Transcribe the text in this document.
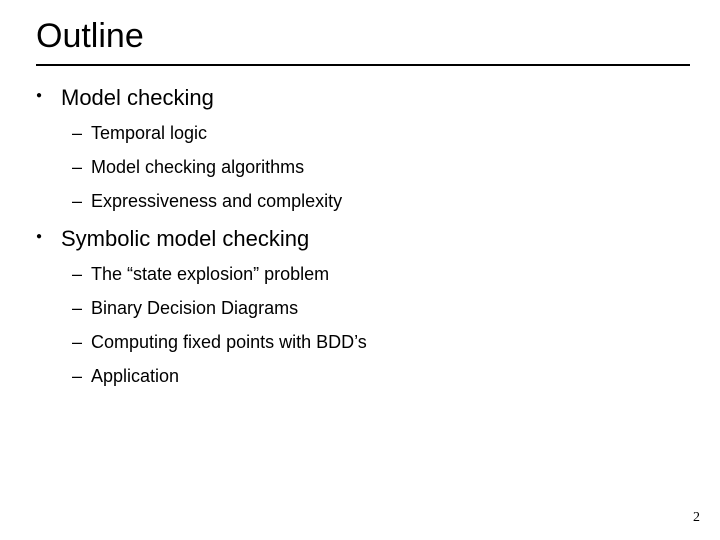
Outline
● Model checking
– Temporal logic
– Model checking algorithms
– Expressiveness and complexity
● Symbolic model checking
– The “state explosion” problem
– Binary Decision Diagrams
– Computing fixed points with BDD’s
– Application
2
